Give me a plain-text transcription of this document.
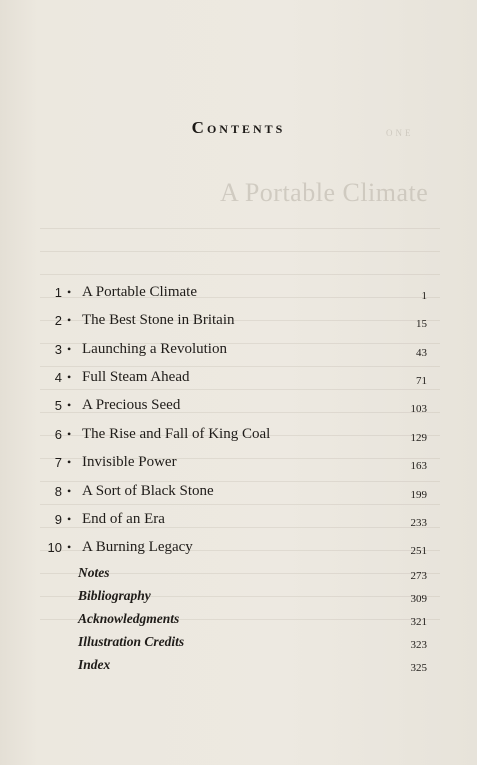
ONE
A Portable Climate
Contents
1 • A Portable Climate	1
2 • The Best Stone in Britain	15
3 • Launching a Revolution	43
4 • Full Steam Ahead	71
5 • A Precious Seed	103
6 • The Rise and Fall of King Coal	129
7 • Invisible Power	163
8 • A Sort of Black Stone	199
9 • End of an Era	233
10 • A Burning Legacy	251
Notes	273
Bibliography	309
Acknowledgments	321
Illustration Credits	323
Index	325
